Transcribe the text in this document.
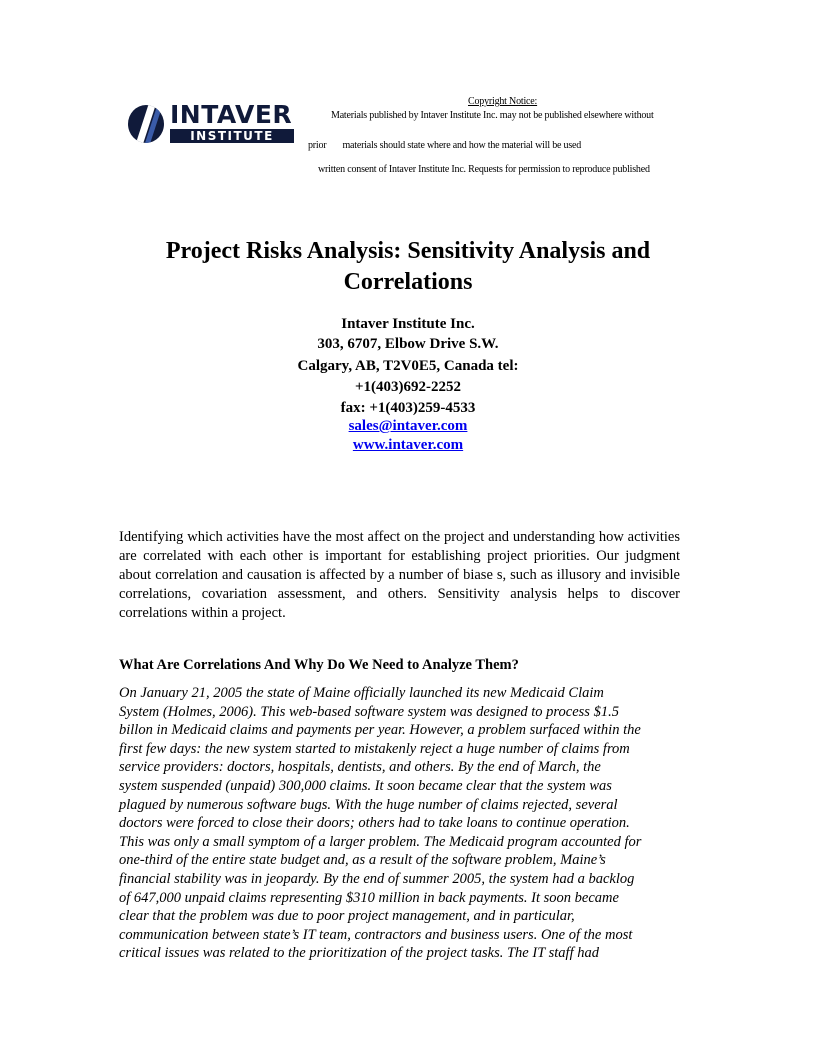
INTAVER
INSTITUTE
Copyright Notice:
Materials published by Intaver Institute Inc. may not be published elsewhere without
prior materials should state where and how the material will be used
written consent of Intaver Institute Inc. Requests for permission to reproduce published
Project Risks Analysis: Sensitivity Analysis and Correlations
Intaver Institute Inc.
303, 6707, Elbow Drive S.W.
Calgary, AB, T2V0E5, Canada tel:
+1(403)692-2252
fax: +1(403)259-4533
sales@intaver.com
www.intaver.com
Identifying which activities have the most affect on the project and understanding how activities are correlated with each other is important for establishing project priorities. Our judgment about correlation and causation is affected by a number of biase s, such as illusory and invisible correlations, covariation assessment, and others. Sensitivity analysis helps to discover correlations within a project.
What Are Correlations And Why Do We Need to Analyze Them?
On January 21, 2005 the state of Maine officially launched its new Medicaid Claim
System (Holmes, 2006). This web-based software system was designed to process $1.5
billon in Medicaid claims and payments per year. However, a problem surfaced within the
first few days: the new system started to mistakenly reject a huge number of claims from
service providers: doctors, hospitals, dentists, and others. By the end of March, the
system suspended (unpaid) 300,000 claims. It soon became clear that the system was
plagued by numerous software bugs. With the huge number of claims rejected, several
doctors were forced to close their doors; others had to take loans to continue operation.
This was only a small symptom of a larger problem. The Medicaid program accounted for
one-third of the entire state budget and, as a result of the software problem, Maine’s
financial stability was in jeopardy. By the end of summer 2005, the system had a backlog
of 647,000 unpaid claims representing $310 million in back payments. It soon became
clear that the problem was due to poor project management, and in particular,
communication between state’s IT team, contractors and business users. One of the most
critical issues was related to the prioritization of the project tasks. The IT staff had
